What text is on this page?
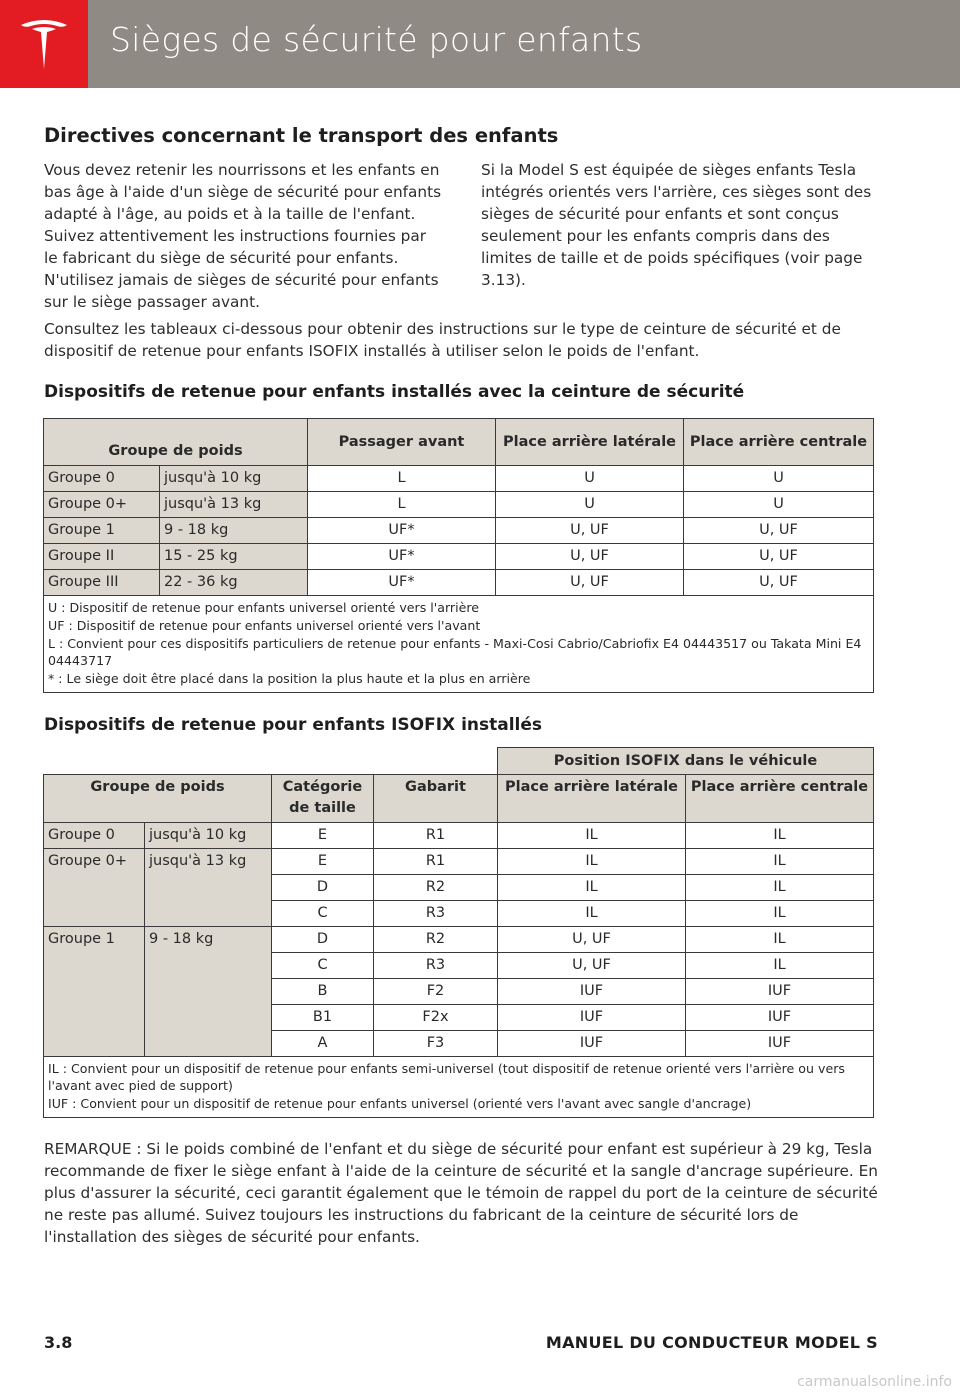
Sièges de sécurité pour enfants
Directives concernant le transport des enfants
Vous devez retenir les nourrissons et les enfants en bas âge à l'aide d'un siège de sécurité pour enfants adapté à l'âge, au poids et à la taille de l'enfant. Suivez attentivement les instructions fournies par le fabricant du siège de sécurité pour enfants. N'utilisez jamais de sièges de sécurité pour enfants sur le siège passager avant.
Si la Model S est équipée de sièges enfants Tesla intégrés orientés vers l'arrière, ces sièges sont des sièges de sécurité pour enfants et sont conçus seulement pour les enfants compris dans des limites de taille et de poids spécifiques (voir page 3.13).
Consultez les tableaux ci-dessous pour obtenir des instructions sur le type de ceinture de sécurité et de dispositif de retenue pour enfants ISOFIX installés à utiliser selon le poids de l'enfant.
Dispositifs de retenue pour enfants installés avec la ceinture de sécurité
Groupe de poids		Passager avant	Place arrière latérale	Place arrière centrale
Groupe 0	jusqu'à 10 kg	L	U	U
Groupe 0+	jusqu'à 13 kg	L	U	U
Groupe 1	9 - 18 kg	UF*	U, UF	U, UF
Groupe II	15 - 25 kg	UF*	U, UF	U, UF
Groupe III	22 - 36 kg	UF*	U, UF	U, UF

U : Dispositif de retenue pour enfants universel orienté vers l'arrière
UF : Dispositif de retenue pour enfants universel orienté vers l'avant
L : Convient pour ces dispositifs particuliers de retenue pour enfants - Maxi-Cosi Cabrio/Cabriofix E4 04443517 ou Takata Mini E4 04443717
* : Le siège doit être placé dans la position la plus haute et la plus en arrière				
Dispositifs de retenue pour enfants ISOFIX installés
				Position ISOFIX dans le véhicule	
Groupe de poids		Catégorie de taille	Gabarit	Place arrière latérale	Place arrière centrale
Groupe 0	jusqu'à 10 kg	E	R1	IL	IL
Groupe 0+	jusqu'à 13 kg	E	R1	IL	IL
		D	R2	IL	IL
		C	R3	IL	IL
Groupe 1	9 - 18 kg	D	R2	U, UF	IL
		C	R3	U, UF	IL
		B	F2	IUF	IUF
		B1	F2x	IUF	IUF
		A	F3	IUF	IUF

IL : Convient pour un dispositif de retenue pour enfants semi-universel (tout dispositif de retenue orienté vers l'arrière ou vers l'avant avec pied de support)
IUF : Convient pour un dispositif de retenue pour enfants universel (orienté vers l'avant avec sangle d'ancrage)					
REMARQUE : Si le poids combiné de l'enfant et du siège de sécurité pour enfant est supérieur à 29 kg, Tesla recommande de fixer le siège enfant à l'aide de la ceinture de sécurité et la sangle d'ancrage supérieure. En plus d'assurer la sécurité, ceci garantit également que le témoin de rappel du port de la ceinture de sécurité ne reste pas allumé. Suivez toujours les instructions du fabricant de la ceinture de sécurité lors de l'installation des sièges de sécurité pour enfants.
3.8	MANUEL DU CONDUCTEUR MODEL S
carmanualsonline.info
